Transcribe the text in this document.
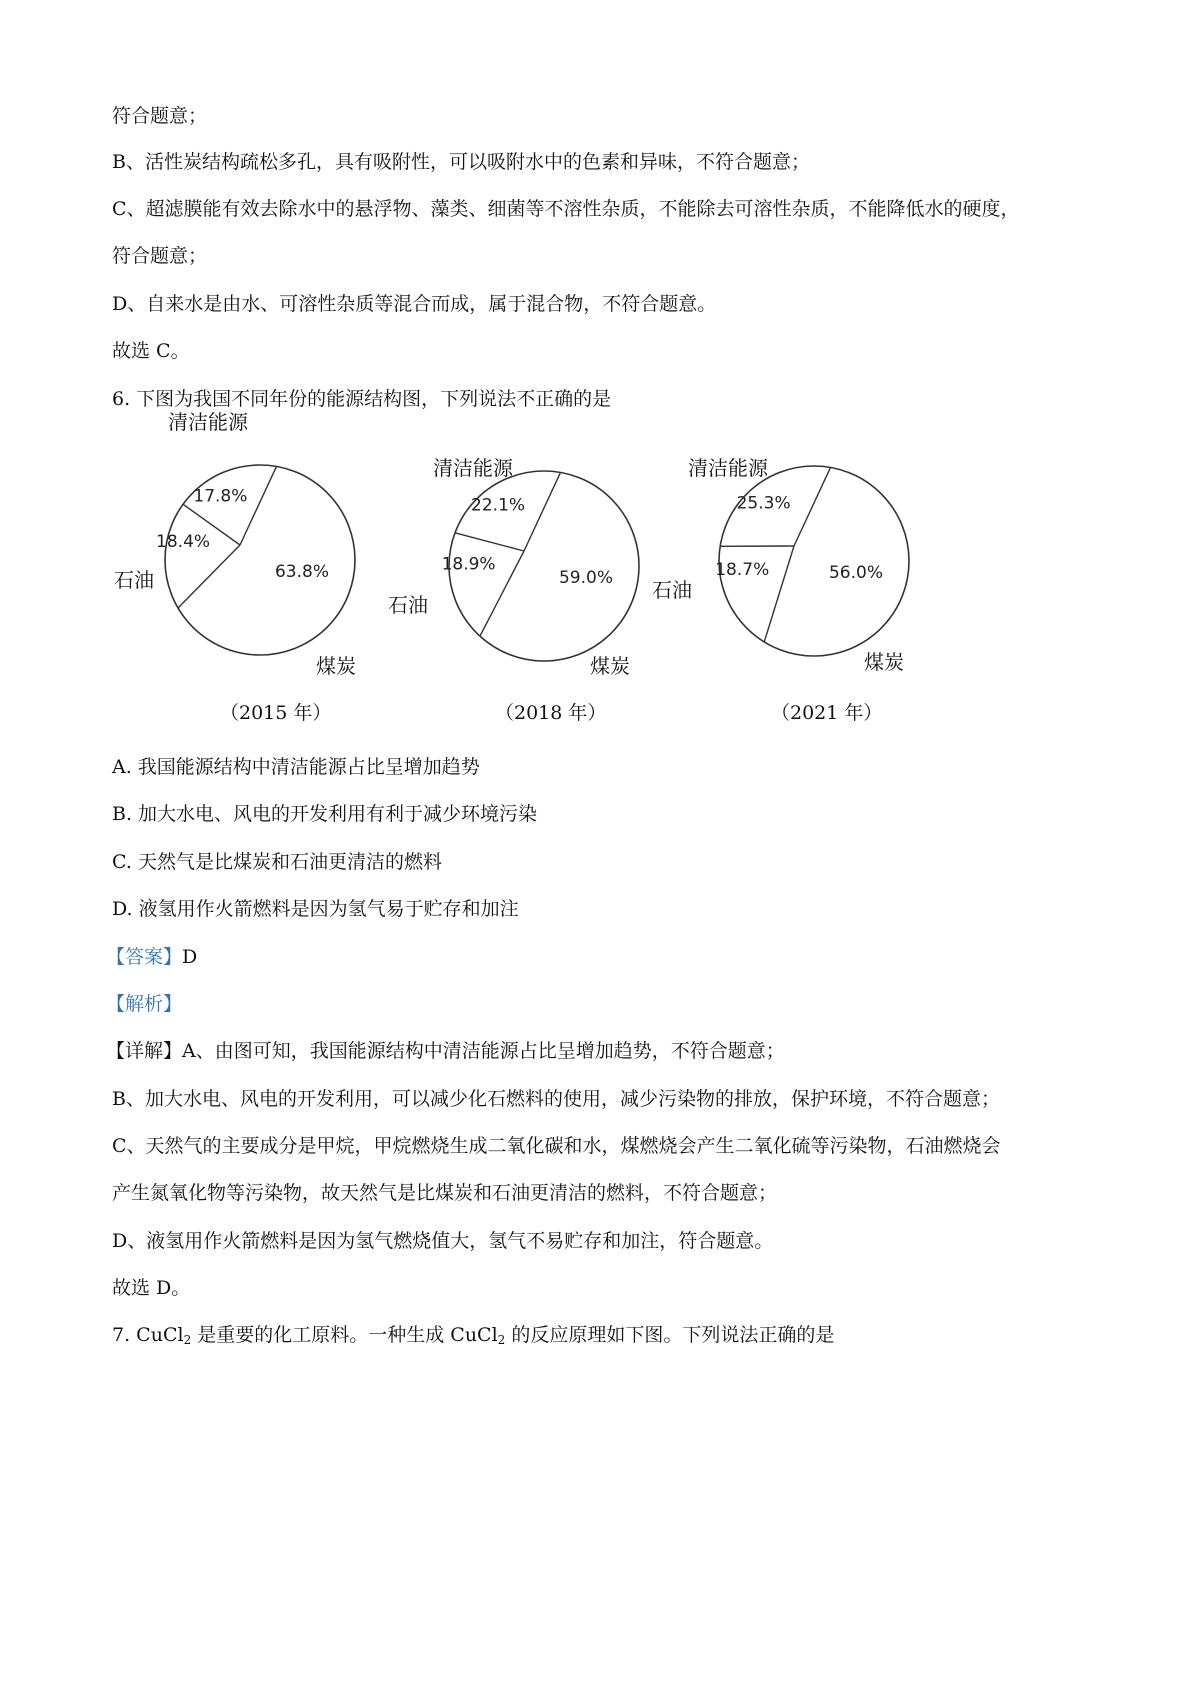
符合题意；
B、活性炭结构疏松多孔，具有吸附性，可以吸附水中的色素和异味，不符合题意；
C、超滤膜能有效去除水中的悬浮物、藻类、细菌等不溶性杂质，不能除去可溶性杂质，不能降低水的硬度，
符合题意；
D、自来水是由水、可溶性杂质等混合而成，属于混合物，不符合题意。
故选 C。
6. 下图为我国不同年份的能源结构图，下列说法不正确的是
17.8%
18.4%
63.8%
22.1%
18.9%
59.0%
25.3%
18.7%	56.0%
（2015 年）	（2018 年）	（2021 年）
A. 我国能源结构中清洁能源占比呈增加趋势
B. 加大水电、风电的开发利用有利于减少环境污染
C. 天然气是比煤炭和石油更清洁的燃料
D. 液氢用作火箭燃料是因为氢气易于贮存和加注
【答案】D
【解析】
【详解】A、由图可知，我国能源结构中清洁能源占比呈增加趋势，不符合题意；
B、加大水电、风电的开发利用，可以减少化石燃料的使用，减少污染物的排放，保护环境，不符合题意；
C、天然气的主要成分是甲烷，甲烷燃烧生成二氧化碳和水，煤燃烧会产生二氧化硫等污染物，石油燃烧会
产生氮氧化物等污染物，故天然气是比煤炭和石油更清洁的燃料，不符合题意；
D、液氢用作火箭燃料是因为氢气燃烧值大，氢气不易贮存和加注，符合题意。
故选 D。
7. CuCl$_2$ 是重要的化工原料。一种生成 CuCl$_2$ 的反应原理如下图。下列说法正确的是
清洁能源
石油
煤炭
清洁能源
石油
煤炭
清洁能源
石油
煤炭
